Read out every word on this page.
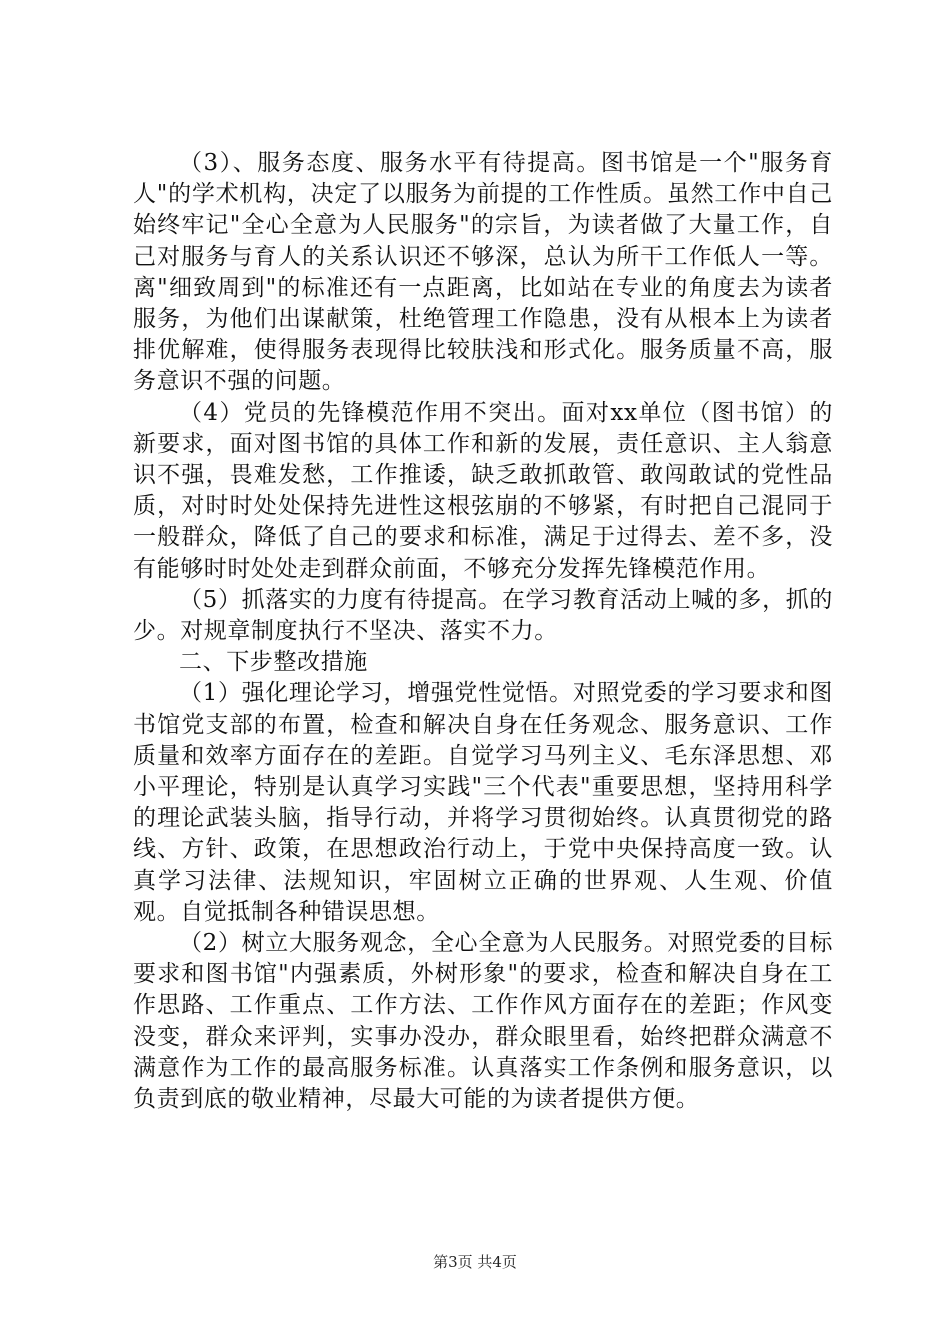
（3）、服务态度、服务水平有待提高。图书馆是一个"服务育人"的学术机构，决定了以服务为前提的工作性质。虽然工作中自己始终牢记"全心全意为人民服务"的宗旨，为读者做了大量工作，自己对服务与育人的关系认识还不够深，总认为所干工作低人一等。离"细致周到"的标准还有一点距离，比如站在专业的角度去为读者服务，为他们出谋献策，杜绝管理工作隐患，没有从根本上为读者排优解难，使得服务表现得比较肤浅和形式化。服务质量不高，服务意识不强的问题。

（4）党员的先锋模范作用不突出。面对xx单位（图书馆）的新要求，面对图书馆的具体工作和新的发展，责任意识、主人翁意识不强，畏难发愁，工作推诿，缺乏敢抓敢管、敢闯敢试的党性品质，对时时处处保持先进性这根弦崩的不够紧，有时把自己混同于一般群众，降低了自己的要求和标准，满足于过得去、差不多，没有能够时时处处走到群众前面，不够充分发挥先锋模范作用。

（5）抓落实的力度有待提高。在学习教育活动上喊的多，抓的少。对规章制度执行不坚决、落实不力。

二、下步整改措施

（1）强化理论学习，增强党性觉悟。对照党委的学习要求和图书馆党支部的布置，检查和解决自身在任务观念、服务意识、工作质量和效率方面存在的差距。自觉学习马列主义、毛东泽思想、邓小平理论，特别是认真学习实践"三个代表"重要思想，坚持用科学的理论武装头脑，指导行动，并将学习贯彻始终。认真贯彻党的路线、方针、政策，在思想政治行动上，于党中央保持高度一致。认真学习法律、法规知识，牢固树立正确的世界观、人生观、价值观。自觉抵制各种错误思想。

（2）树立大服务观念，全心全意为人民服务。对照党委的目标要求和图书馆"内强素质，外树形象"的要求，检查和解决自身在工作思路、工作重点、工作方法、工作作风方面存在的差距；作风变没变，群众来评判，实事办没办，群众眼里看，始终把群众满意不满意作为工作的最高服务标准。认真落实工作条例和服务意识，以负责到底的敬业精神，尽最大可能的为读者提供方便。

第3页 共4页
